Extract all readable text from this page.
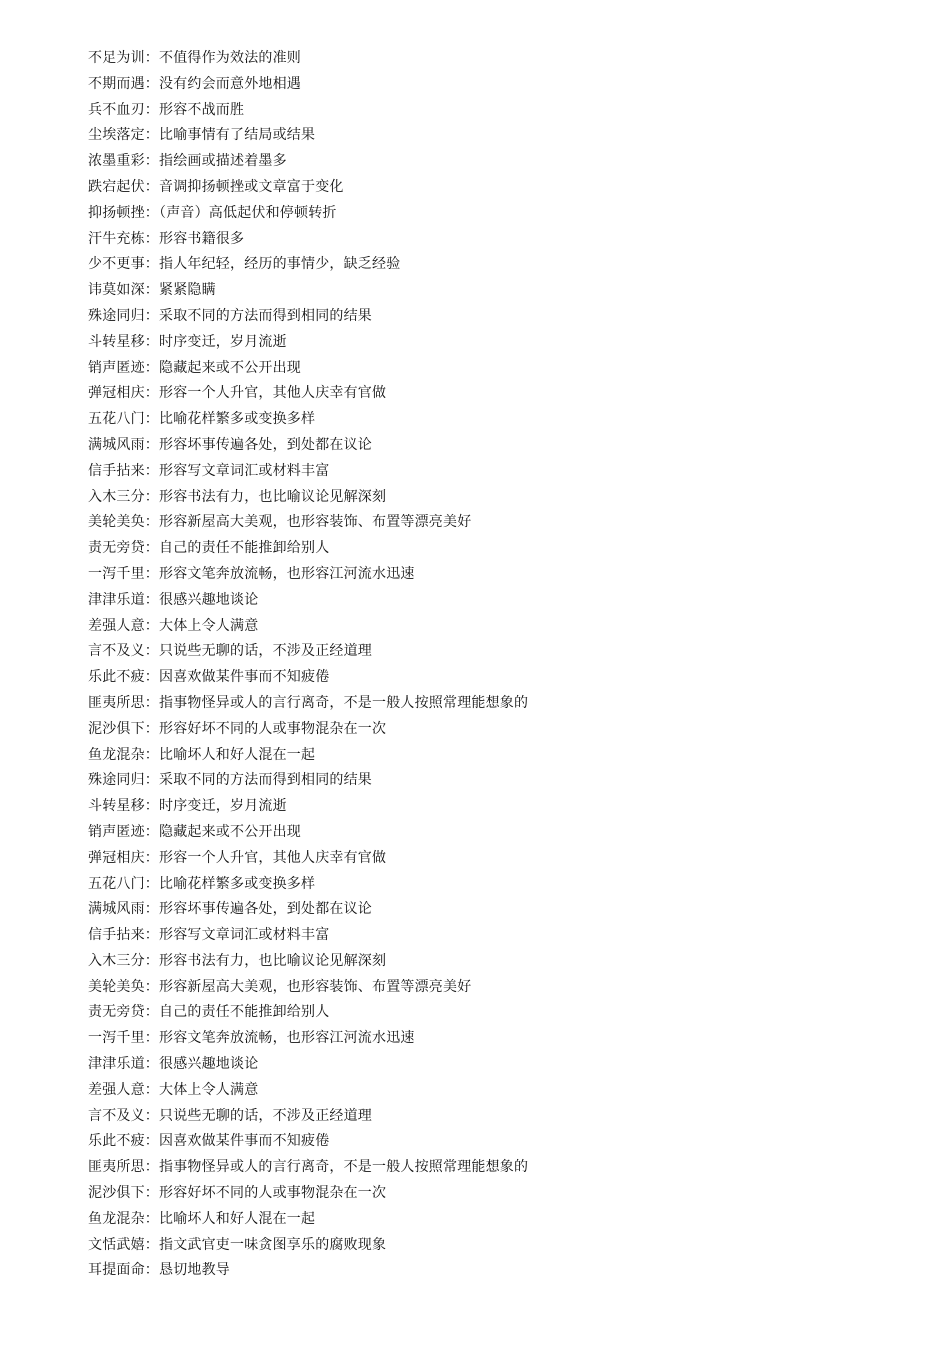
不足为训：不值得作为效法的准则
不期而遇：没有约会而意外地相遇
兵不血刃：形容不战而胜
尘埃落定：比喻事情有了结局或结果
浓墨重彩：指绘画或描述着墨多
跌宕起伏：音调抑扬顿挫或文章富于变化
抑扬顿挫：（声音）高低起伏和停顿转折
汗牛充栋：形容书籍很多
少不更事：指人年纪轻，经历的事情少，缺乏经验
讳莫如深：紧紧隐瞒
殊途同归：采取不同的方法而得到相同的结果
斗转星移：时序变迁，岁月流逝
销声匿迹：隐藏起来或不公开出现
弹冠相庆：形容一个人升官，其他人庆幸有官做
五花八门：比喻花样繁多或变换多样
满城风雨：形容坏事传遍各处，到处都在议论
信手拈来：形容写文章词汇或材料丰富
入木三分：形容书法有力，也比喻议论见解深刻
美轮美奂：形容新屋高大美观，也形容装饰、布置等漂亮美好
责无旁贷：自己的责任不能推卸给别人
一泻千里：形容文笔奔放流畅，也形容江河流水迅速
津津乐道：很感兴趣地谈论
差强人意：大体上令人满意
言不及义：只说些无聊的话，不涉及正经道理
乐此不疲：因喜欢做某件事而不知疲倦
匪夷所思：指事物怪异或人的言行离奇，不是一般人按照常理能想象的
泥沙俱下：形容好坏不同的人或事物混杂在一次
鱼龙混杂：比喻坏人和好人混在一起
殊途同归：采取不同的方法而得到相同的结果
斗转星移：时序变迁，岁月流逝
销声匿迹：隐藏起来或不公开出现
弹冠相庆：形容一个人升官，其他人庆幸有官做
五花八门：比喻花样繁多或变换多样
满城风雨：形容坏事传遍各处，到处都在议论
信手拈来：形容写文章词汇或材料丰富
入木三分：形容书法有力，也比喻议论见解深刻
美轮美奂：形容新屋高大美观，也形容装饰、布置等漂亮美好
责无旁贷：自己的责任不能推卸给别人
一泻千里：形容文笔奔放流畅，也形容江河流水迅速
津津乐道：很感兴趣地谈论
差强人意：大体上令人满意
言不及义：只说些无聊的话，不涉及正经道理
乐此不疲：因喜欢做某件事而不知疲倦
匪夷所思：指事物怪异或人的言行离奇，不是一般人按照常理能想象的
泥沙俱下：形容好坏不同的人或事物混杂在一次
鱼龙混杂：比喻坏人和好人混在一起
文恬武嬉：指文武官吏一味贪图享乐的腐败现象
耳提面命：恳切地教导
